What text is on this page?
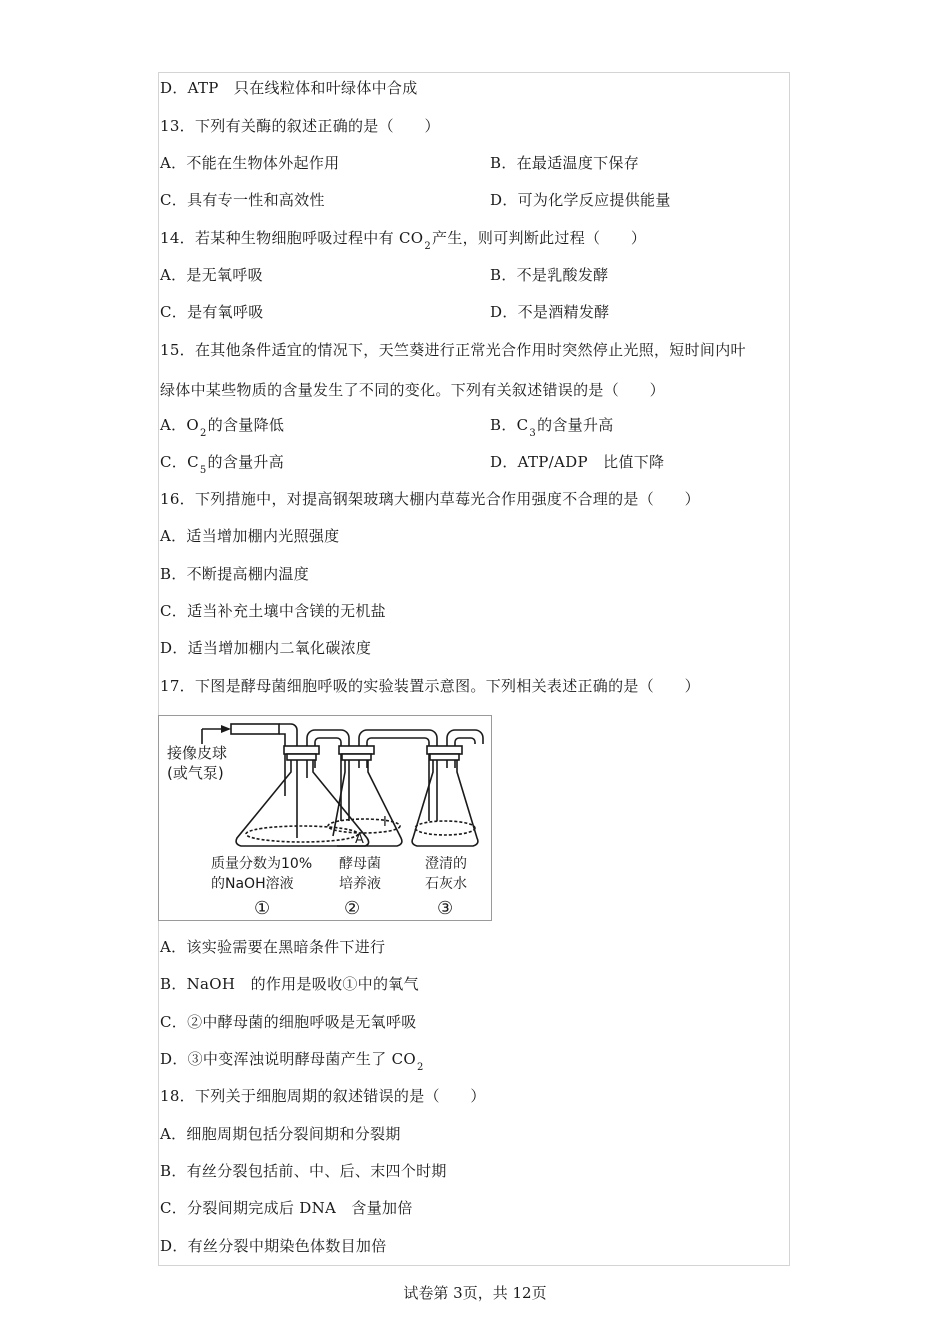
D．ATP　只在线粒体和叶绿体中合成
13．下列有关酶的叙述正确的是（　　）
A．不能在生物体外起作用	B．在最适温度下保存
C．具有专一性和高效性	D．可为化学反应提供能量
14．若某种生物细胞呼吸过程中有 $CO_2$产生，则可判断此过程（　　）
A．是无氧呼吸	B．不是乳酸发酵
C．是有氧呼吸	D．不是酒精发酵
15．在其他条件适宜的情况下，天竺葵进行正常光合作用时突然停止光照，短时间内叶
绿体中某些物质的含量发生了不同的变化。下列有关叙述错误的是（　　）
A．$O_2$的含量降低	B．$C_3$的含量升高
C．$C_5$的含量升高	D．ATP/ADP　比值下降
16．下列措施中，对提高钢架玻璃大棚内草莓光合作用强度不合理的是（　　）
A．适当增加棚内光照强度
B．不断提高棚内温度
C．适当补充土壤中含镁的无机盐
D．适当增加棚内二氧化碳浓度
17．下图是酵母菌细胞呼吸的实验装置示意图。下列相关表述正确的是（　　）
接像皮球
(或气泵)
A
I
质量分数为10%
的NaOH溶液
①
酵母菌
培养液
②
澄清的
石灰水
③
A．该实验需要在黑暗条件下进行
B．NaOH　的作用是吸收①中的氧气
C．②中酵母菌的细胞呼吸是无氧呼吸
D．③中变浑浊说明酵母菌产生了 $CO_2$
18．下列关于细胞周期的叙述错误的是（　　）
A．细胞周期包括分裂间期和分裂期
B．有丝分裂包括前、中、后、末四个时期
C．分裂间期完成后 DNA　含量加倍
D．有丝分裂中期染色体数目加倍
试卷第 3页，共 12页
